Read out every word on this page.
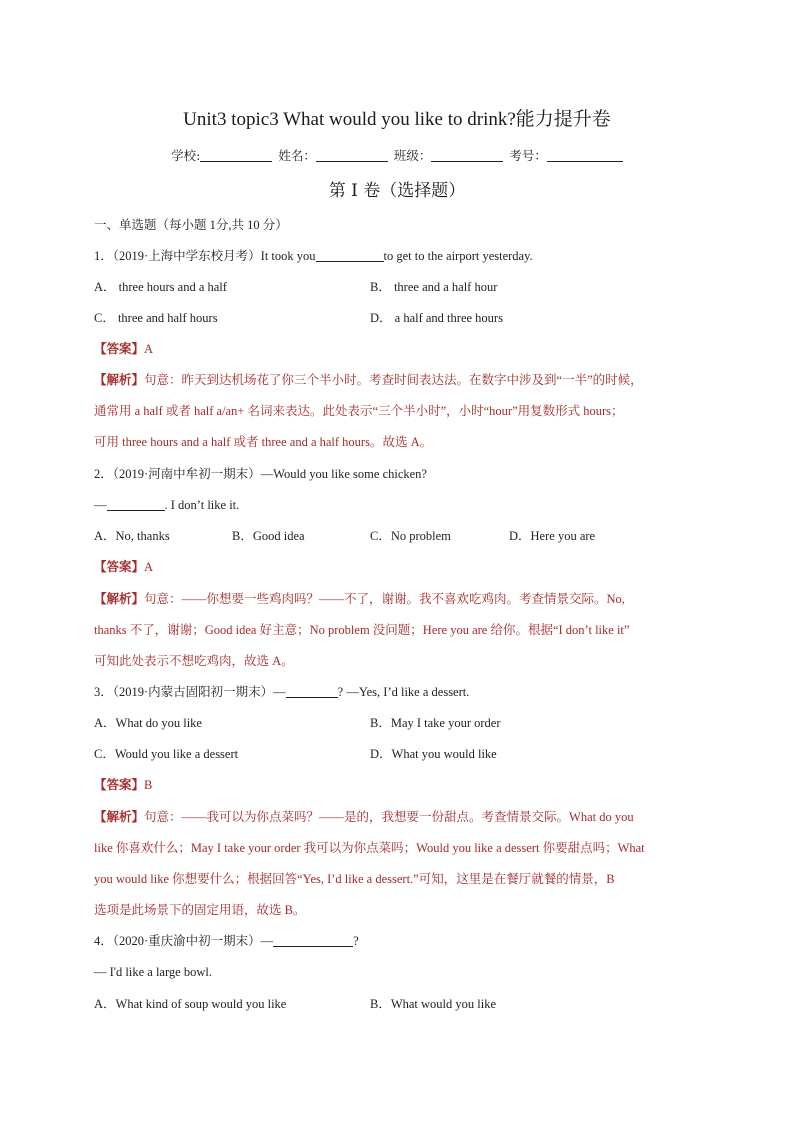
Unit3 topic3 What would you like to drink?能力提升卷
学校:	姓名：	班级：	考号：
第 I 卷（选择题）
一、单选题（每小题 1分,共 10 分）
1．（2019·上海中学东校月考）It took you	to get to the airport yesterday.
A． three hours and a half	B． three and a half hour
C． three and half hours	D． a half and three hours
【答案】A
【解析】句意：昨天到达机场花了你三个半小时。考查时间表达法。在数字中涉及到“一半”的时候，
通常用 a half 或者 half a/an+ 名词来表达。此处表示“三个半小时”，小时“hour”用复数形式 hours；
可用 three hours and a half 或者 three and a half hours。故选 A。
2．（2019·河南中牟初一期末）—Would you like some chicken?
—	. I don’t like it.
A．No, thanks	B．Good idea	C．No problem	D．Here you are
【答案】A
【解析】句意：——你想要一些鸡肉吗？——不了，谢谢。我不喜欢吃鸡肉。考查情景交际。No,
thanks 不了，谢谢；Good idea 好主意；No problem 没问题；Here you are 给你。根据“I don’t like it”
可知此处表示不想吃鸡肉，故选 A。
3．（2019·内蒙古固阳初一期末）—	? —Yes, I’d like a dessert.
A．What do you like	B．May I take your order
C．Would you like a dessert	D．What you would like
【答案】B
【解析】句意：——我可以为你点菜吗？——是的，我想要一份甜点。考查情景交际。What do you
like 你喜欢什么；May I take your order 我可以为你点菜吗；Would you like a dessert 你要甜点吗；What
you would like 你想要什么；根据回答“Yes, I’d like a dessert.”可知，这里是在餐厅就餐的情景，B
选项是此场景下的固定用语，故选 B。
4．（2020·重庆渝中初一期末）—	?
— I'd like a large bowl.
A．What kind of soup would you like	B．What would you like
